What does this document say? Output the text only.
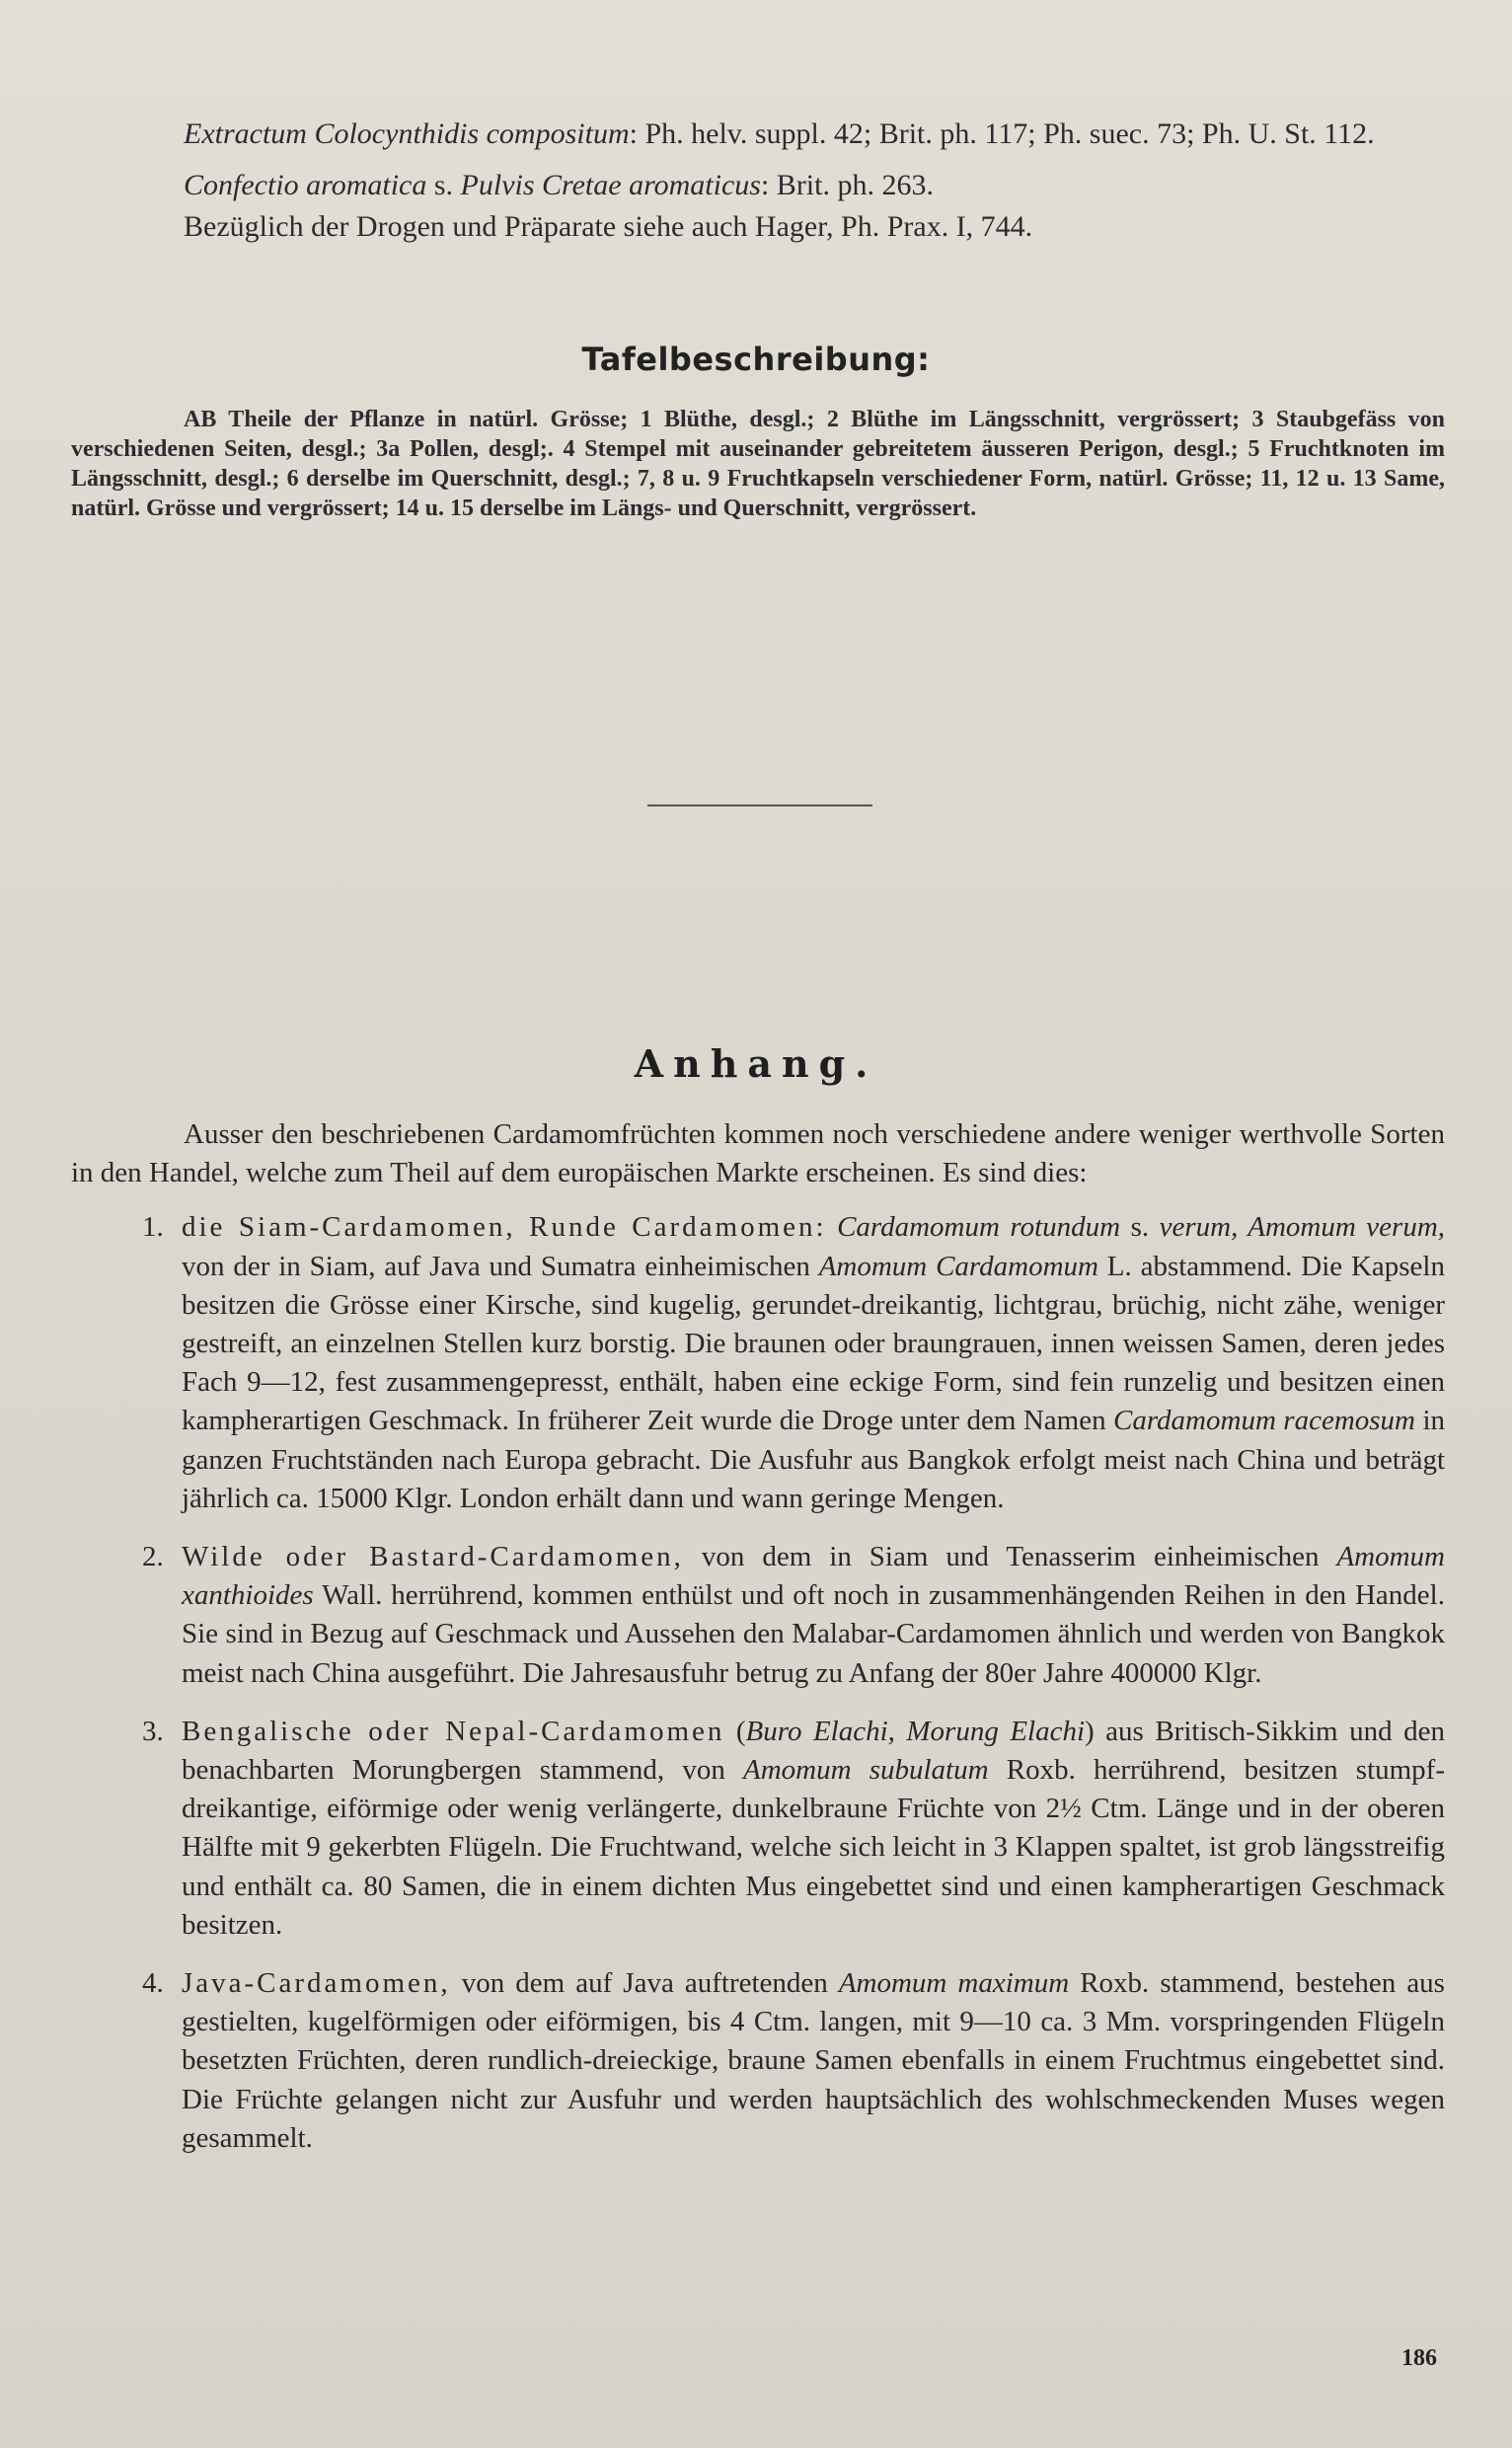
Extractum Colocynthidis compositum: Ph. helv. suppl. 42; Brit. ph. 117; Ph. suec. 73; Ph. U. St. 112.

Confectio aromatica s. Pulvis Cretae aromaticus: Brit. ph. 263.

Bezüglich der Drogen und Präparate siehe auch Hager, Ph. Prax. I, 744.

Tafelbeschreibung:

AB Theile der Pflanze in natürl. Grösse; 1 Blüthe, desgl.; 2 Blüthe im Längsschnitt, vergrössert; 3 Staubgefäss von verschiedenen Seiten, desgl.; 3a Pollen, desgl;. 4 Stempel mit auseinander gebreitetem äusseren Perigon, desgl.; 5 Fruchtknoten im Längsschnitt, desgl.; 6 derselbe im Querschnitt, desgl.; 7, 8 u. 9 Fruchtkapseln verschiedener Form, natürl. Grösse; 11, 12 u. 13 Same, natürl. Grösse und vergrössert; 14 u. 15 derselbe im Längs- und Querschnitt, vergrössert.

Anhang.

Ausser den beschriebenen Cardamomfrüchten kommen noch verschiedene andere weniger werthvolle Sorten in den Handel, welche zum Theil auf dem europäischen Markte erscheinen. Es sind dies:

1. die Siam-Cardamomen, Runde Cardamomen: Cardamomum rotundum s. verum, Amomum verum, von der in Siam, auf Java und Sumatra einheimischen Amomum Cardamomum L. abstammend. Die Kapseln besitzen die Grösse einer Kirsche, sind kugelig, gerundet-dreikantig, lichtgrau, brüchig, nicht zähe, weniger gestreift, an einzelnen Stellen kurz borstig. Die braunen oder braungrauen, innen weissen Samen, deren jedes Fach 9—12, fest zusammengepresst, enthält, haben eine eckige Form, sind fein runzelig und besitzen einen kampherartigen Geschmack. In früherer Zeit wurde die Droge unter dem Namen Cardamomum racemosum in ganzen Fruchtständen nach Europa gebracht. Die Ausfuhr aus Bangkok erfolgt meist nach China und beträgt jährlich ca. 15000 Klgr. London erhält dann und wann geringe Mengen.
2. Wilde oder Bastard-Cardamomen, von dem in Siam und Tenasserim einheimischen Amomum xanthioides Wall. herrührend, kommen enthülst und oft noch in zusammenhängenden Reihen in den Handel. Sie sind in Bezug auf Geschmack und Aussehen den Malabar-Cardamomen ähnlich und werden von Bangkok meist nach China ausgeführt. Die Jahresausfuhr betrug zu Anfang der 80er Jahre 400000 Klgr.
3. Bengalische oder Nepal-Cardamomen (Buro Elachi, Morung Elachi) aus Britisch-Sikkim und den benachbarten Morungbergen stammend, von Amomum subulatum Roxb. herrührend, besitzen stumpf-dreikantige, eiförmige oder wenig verlängerte, dunkelbraune Früchte von 2½ Ctm. Länge und in der oberen Hälfte mit 9 gekerbten Flügeln. Die Fruchtwand, welche sich leicht in 3 Klappen spaltet, ist grob längsstreifig und enthält ca. 80 Samen, die in einem dichten Mus eingebettet sind und einen kampherartigen Geschmack besitzen.
4. Java-Cardamomen, von dem auf Java auftretenden Amomum maximum Roxb. stammend, bestehen aus gestielten, kugelförmigen oder eiförmigen, bis 4 Ctm. langen, mit 9—10 ca. 3 Mm. vorspringenden Flügeln besetzten Früchten, deren rundlich-dreieckige, braune Samen ebenfalls in einem Fruchtmus eingebettet sind. Die Früchte gelangen nicht zur Ausfuhr und werden hauptsächlich des wohlschmeckenden Muses wegen gesammelt.
186
